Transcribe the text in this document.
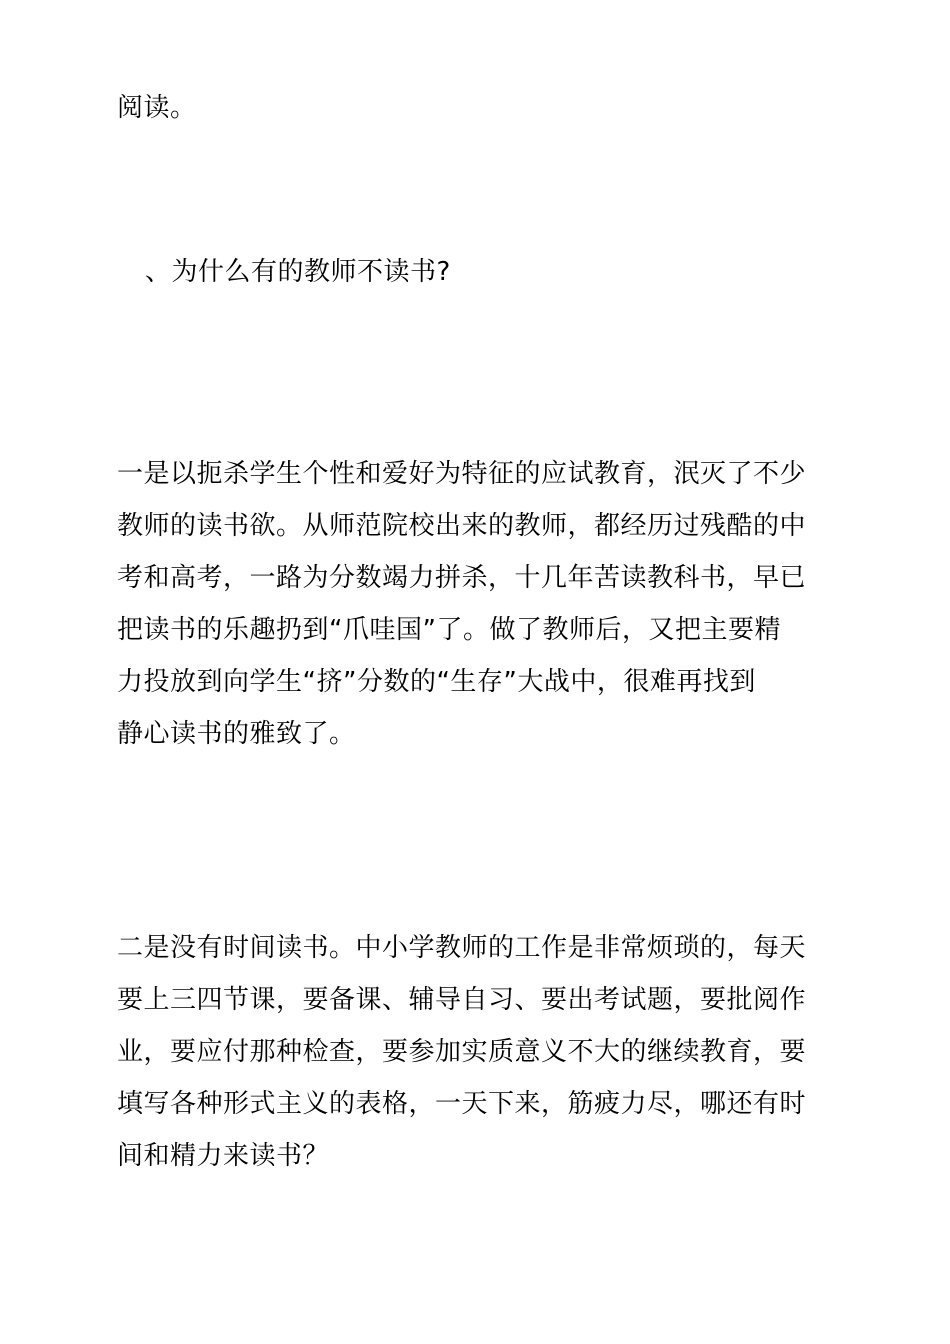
阅读。
、为什么有的教师不读书?
一是以扼杀学生个性和爱好为特征的应试教育，泯灭了不少
教师的读书欲。从师范院校出来的教师，都经历过残酷的中
考和高考，一路为分数竭力拼杀，十几年苦读教科书，早已
把读书的乐趣扔到“爪哇国”了。做了教师后，又把主要精
力投放到向学生“挤”分数的“生存”大战中，很难再找到
静心读书的雅致了。
二是没有时间读书。中小学教师的工作是非常烦琐的，每天
要上三四节课，要备课、辅导自习、要出考试题，要批阅作
业，要应付那种检查，要参加实质意义不大的继续教育，要
填写各种形式主义的表格，一天下来，筋疲力尽，哪还有时
间和精力来读书？
